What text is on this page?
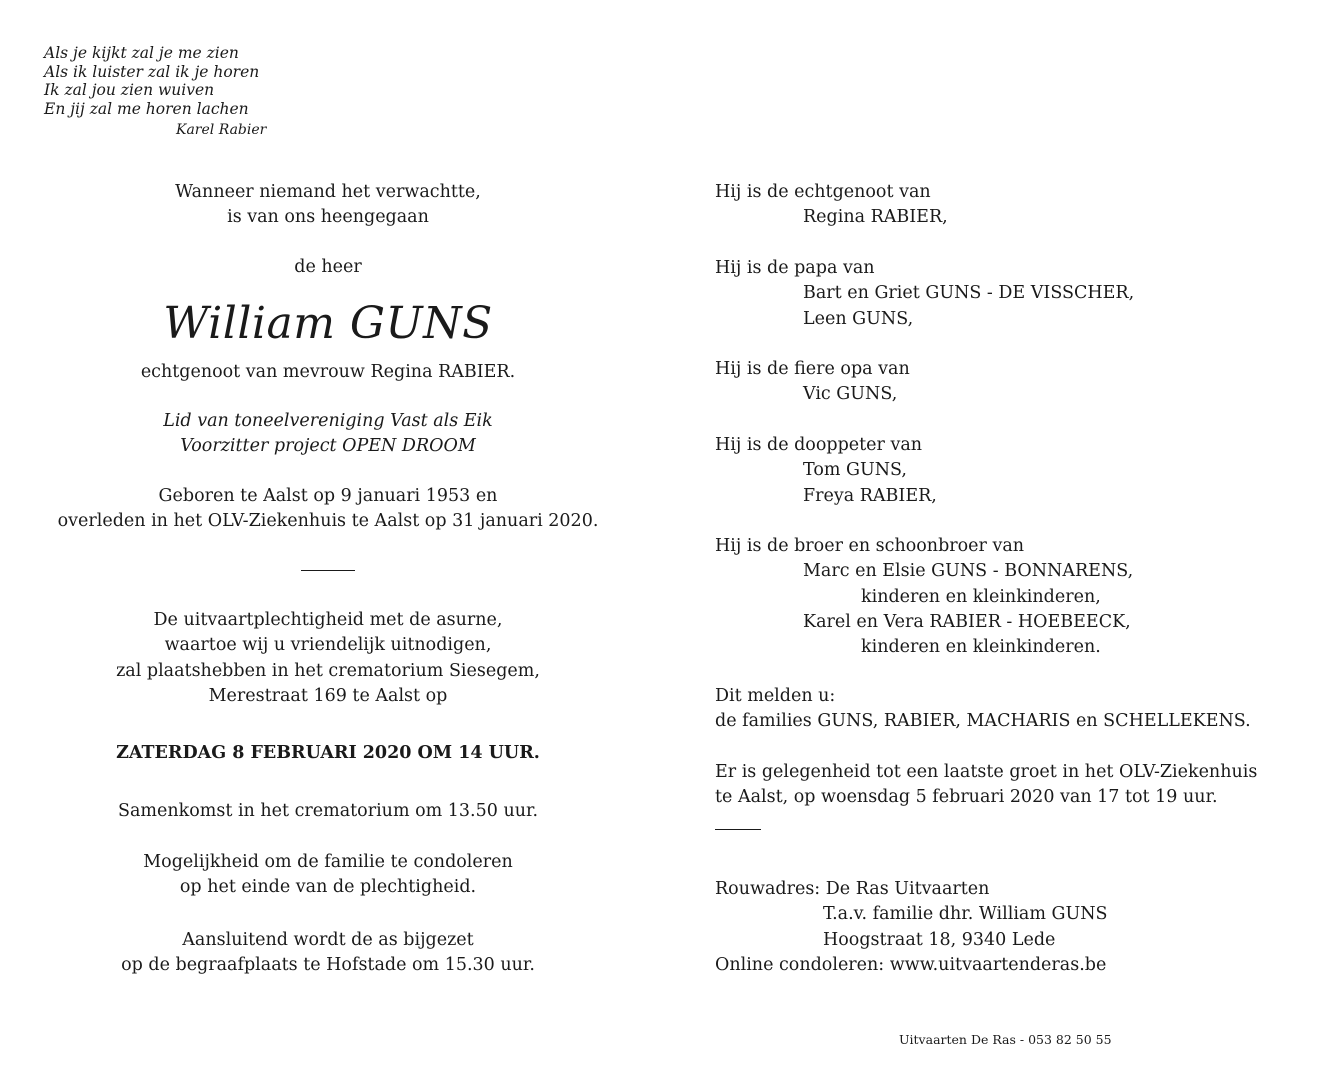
Als je kijkt zal je me zien
Als ik luister zal ik je horen
Ik zal jou zien wuiven
En jij zal me horen lachen
Karel Rabier
Wanneer niemand het verwachtte,
is van ons heengegaan
de heer
William GUNS
echtgenoot van mevrouw Regina RABIER.
Lid van toneelvereniging Vast als Eik
Voorzitter project OPEN DROOM
Geboren te Aalst op 9 januari 1953 en
overleden in het OLV-Ziekenhuis te Aalst op 31 januari 2020.
De uitvaartplechtigheid met de asurne,
waartoe wij u vriendelijk uitnodigen,
zal plaatshebben in het crematorium Siesegem,
Merestraat 169 te Aalst op
ZATERDAG 8 FEBRUARI 2020 OM 14 UUR.
Samenkomst in het crematorium om 13.50 uur.
Mogelijkheid om de familie te condoleren
op het einde van de plechtigheid.
Aansluitend wordt de as bijgezet
op de begraafplaats te Hofstade om 15.30 uur.
Hij is de echtgenoot van
Regina RABIER,
Hij is de papa van
Bart en Griet GUNS - DE VISSCHER,
Leen GUNS,
Hij is de fiere opa van
Vic GUNS,
Hij is de dooppeter van
Tom GUNS,
Freya RABIER,
Hij is de broer en schoonbroer van
Marc en Elsie GUNS - BONNARENS,
kinderen en kleinkinderen,
Karel en Vera RABIER - HOEBEECK,
kinderen en kleinkinderen.
Dit melden u:
de families GUNS, RABIER, MACHARIS en SCHELLEKENS.
Er is gelegenheid tot een laatste groet in het OLV-Ziekenhuis
te Aalst, op woensdag 5 februari 2020 van 17 tot 19 uur.
Rouwadres: De Ras Uitvaarten
T.a.v. familie dhr. William GUNS
Hoogstraat 18, 9340 Lede
Online condoleren: www.uitvaartenderas.be
Uitvaarten De Ras - 053 82 50 55
